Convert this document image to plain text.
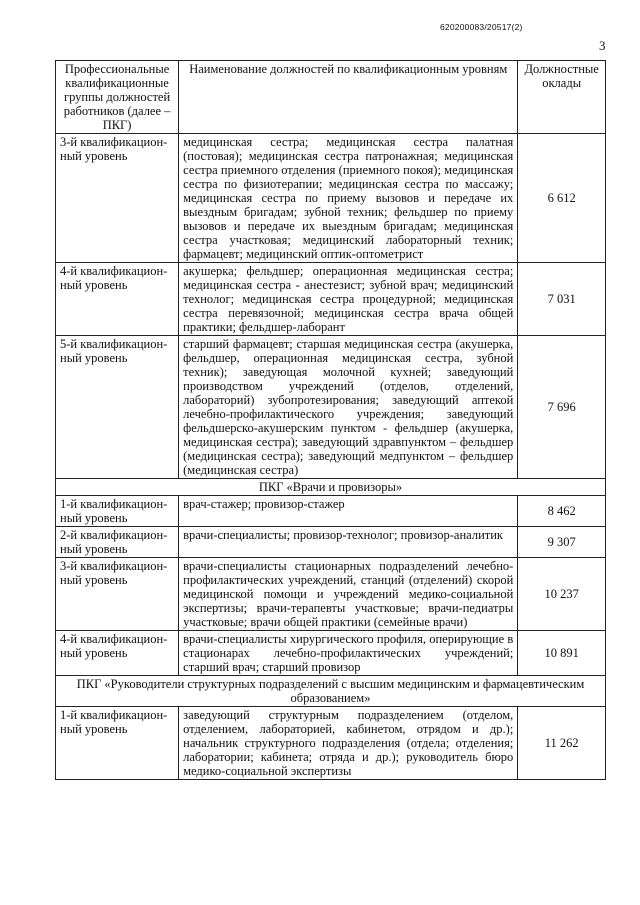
620200083/20517(2)
3
Профессиональные квалификационные группы должностей работников (далее – ПКГ)	Наименование должностей по квалификационным уровням	Должностные оклады
3-й квалификацион- ный уровень	медицинская сестра; медицинская сестра палатная (постовая); медицинская сестра патронажная; медицинская сестра приемного отделения (приемного покоя); медицинская сестра по физиотерапии; медицинская сестра по массажу; медицинская сестра по приему вызовов и передаче их выездным бригадам; зубной техник; фельдшер по приему вызовов и передаче их выездным бригадам; медицинская сестра участковая; медицинский лабораторный техник; фармацевт; медицинский оптик-оптометрист	6 612
4-й квалификацион- ный уровень	акушерка; фельдшер; операционная медицинская сестра; медицинская сестра - анестезист; зубной врач; медицинский технолог; медицинская сестра процедурной; медицинская сестра перевязочной; медицинская сестра врача общей практики; фельдшер-лаборант	7 031
5-й квалификацион- ный уровень	старший фармацевт; старшая медицинская сестра (акушерка, фельдшер, операционная медицинская сестра, зубной техник); заведующая молочной кухней; заведующий производством учреждений (отделов, отделений, лабораторий) зубопротезирования; заведующий аптекой лечебно-профилактического учреждения; заведующий фельдшерско-акушерским пунктом - фельдшер (акушерка, медицинская сестра); заведующий здравпунктом – фельдшер (медицинская сестра); заведующий медпунктом – фельдшер (медицинская сестра)	7 696
ПКГ «Врачи и провизоры»		
1-й квалификацион- ный уровень	врач-стажер; провизор-стажер	8 462
2-й квалификацион- ный уровень	врачи-специалисты; провизор-технолог; провизор-аналитик	9 307
3-й квалификацион- ный уровень	врачи-специалисты стационарных подразделений лечебно-профилактических учреждений, станций (отделений) скорой медицинской помощи и учреждений медико-социальной экспертизы; врачи-терапевты участковые; врачи-педиатры участковые; врачи общей практики (семейные врачи)	10 237
4-й квалификацион- ный уровень	врачи-специалисты хирургического профиля, оперирующие в стационарах лечебно-профилактических учреждений; старший врач; старший провизор	10 891
ПКГ «Руководители структурных подразделений с высшим медицинским и фармацевтическим образованием»		
1-й квалификацион- ный уровень	заведующий структурным подразделением (отделом, отделением, лабораторией, кабинетом, отрядом и др.); начальник структурного подразделения (отдела; отделения; лаборатории; кабинета; отряда и др.); руководитель бюро медико-социальной экспертизы	11 262
